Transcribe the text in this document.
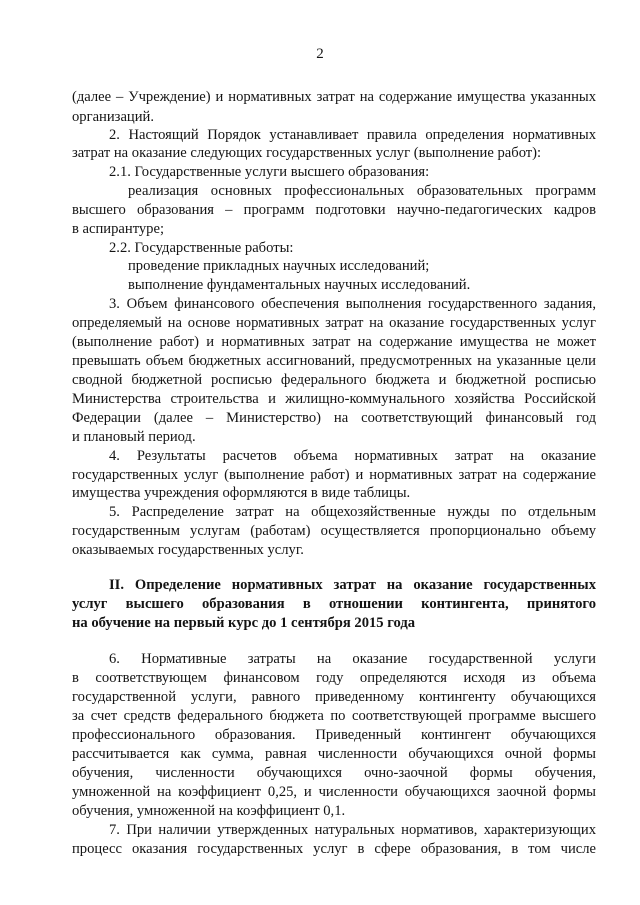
2
(далее – Учреждение) и нормативных затрат на содержание имущества указанных
организаций.
2. Настоящий Порядок устанавливает правила определения нормативных
затрат на оказание следующих государственных услуг (выполнение работ):
2.1. Государственные услуги высшего образования:
реализация основных профессиональных образовательных программ
высшего образования – программ подготовки научно-педагогических кадров
в аспирантуре;
2.2. Государственные работы:
проведение прикладных научных исследований;
выполнение фундаментальных научных исследований.
3. Объем финансового обеспечения выполнения государственного задания,
определяемый на основе нормативных затрат на оказание государственных услуг
(выполнение работ) и нормативных затрат на содержание имущества не может
превышать объем бюджетных ассигнований, предусмотренных на указанные цели
сводной бюджетной росписью федерального бюджета и бюджетной росписью
Министерства строительства и жилищно-коммунального хозяйства Российской
Федерации (далее – Министерство) на соответствующий финансовый год
и плановый период.
4. Результаты расчетов объема нормативных затрат на оказание
государственных услуг (выполнение работ) и нормативных затрат на содержание
имущества учреждения оформляются в виде таблицы.
5. Распределение затрат на общехозяйственные нужды по отдельным
государственным услугам (работам) осуществляется пропорционально объему
оказываемых государственных услуг.
II. Определение нормативных затрат на оказание государственных
услуг высшего образования в отношении контингента, принятого
на обучение на первый курс до 1 сентября 2015 года
6. Нормативные затраты на оказание государственной услуги
в соответствующем финансовом году определяются исходя из объема
государственной услуги, равного приведенному контингенту обучающихся
за счет средств федерального бюджета по соответствующей программе высшего
профессионального образования. Приведенный контингент обучающихся
рассчитывается как сумма, равная численности обучающихся очной формы
обучения, численности обучающихся очно-заочной формы обучения,
умноженной на коэффициент 0,25, и численности обучающихся заочной формы
обучения, умноженной на коэффициент 0,1.
7. При наличии утвержденных натуральных нормативов, характеризующих
процесс оказания государственных услуг в сфере образования, в том числе
